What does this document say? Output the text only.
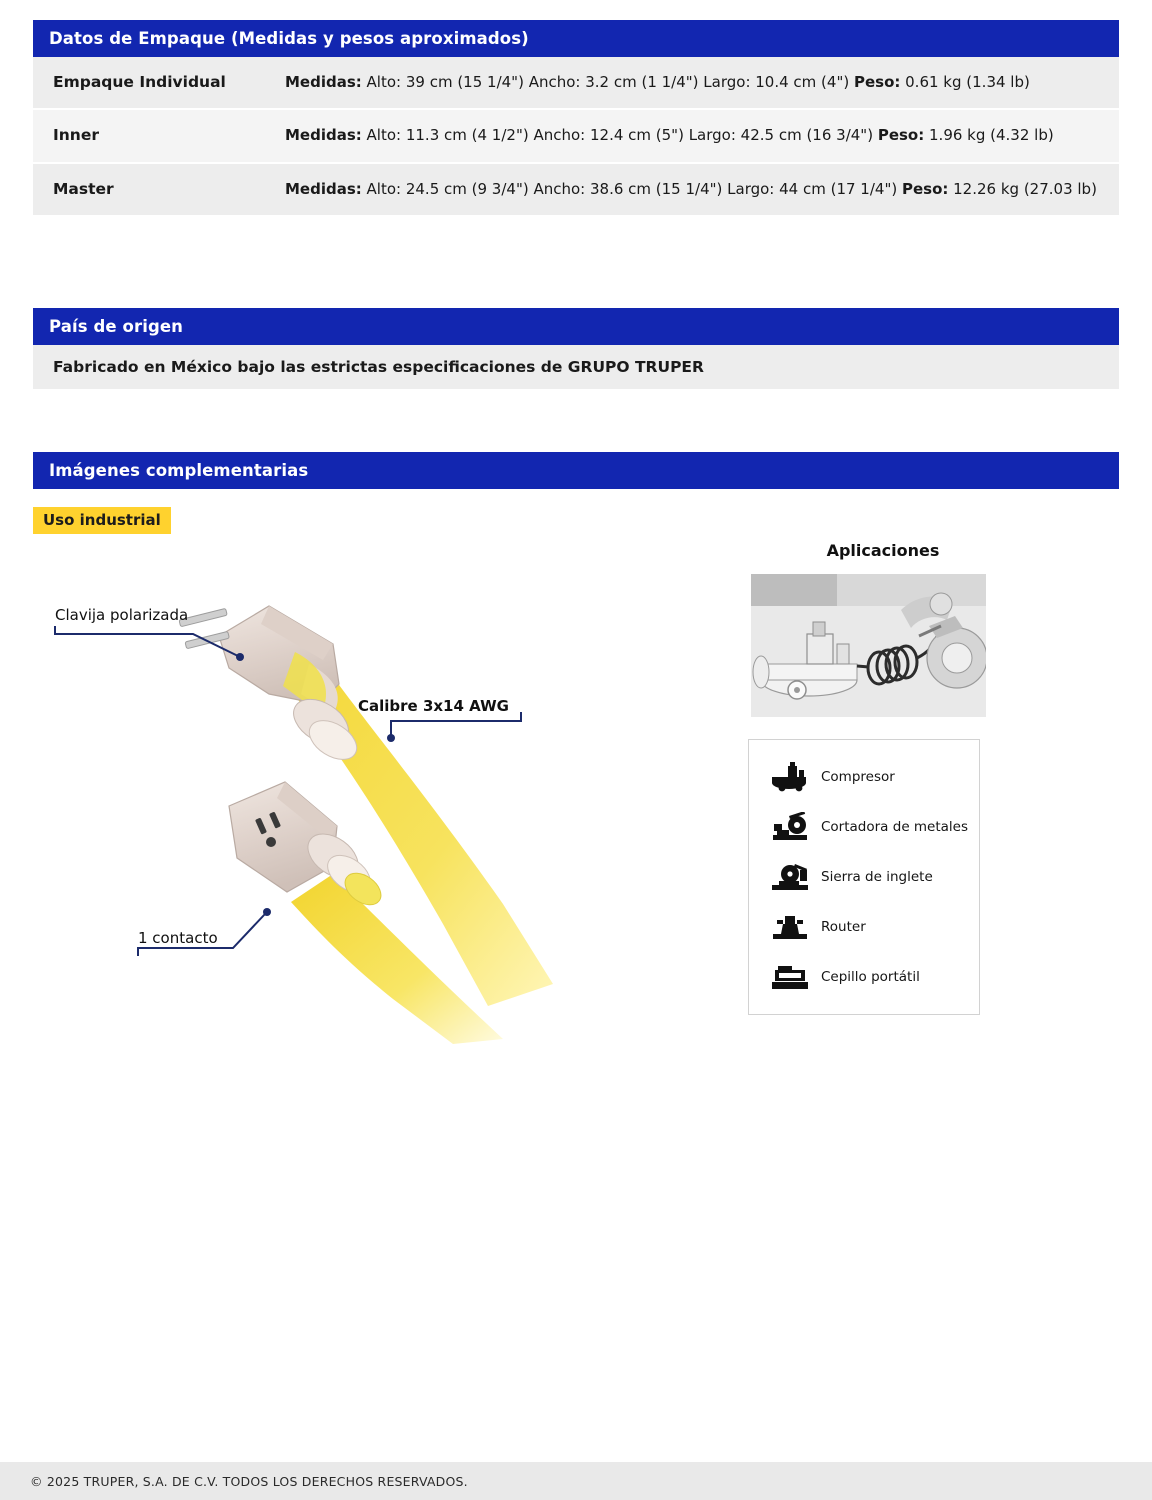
Datos de Empaque (Medidas y pesos aproximados)
Empaque Individual	Medidas: Alto: 39 cm (15 1/4") Ancho: 3.2 cm (1 1/4") Largo: 10.4 cm (4") Peso: 0.61 kg (1.34 lb)
Inner	Medidas: Alto: 11.3 cm (4 1/2") Ancho: 12.4 cm (5") Largo: 42.5 cm (16 3/4") Peso: 1.96 kg (4.32 lb)
Master	Medidas: Alto: 24.5 cm (9 3/4") Ancho: 38.6 cm (15 1/4") Largo: 44 cm (17 1/4") Peso: 12.26 kg (27.03 lb)
País de origen
Fabricado en México bajo las estrictas especificaciones de GRUPO TRUPER
Imágenes complementarias
Uso industrial
Clavija polarizada
Calibre 3x14 AWG
1 contacto
Aplicaciones
Compresor
Cortadora de metales
Sierra de inglete
Router
Cepillo portátil
© 2025 TRUPER, S.A. DE C.V. TODOS LOS DERECHOS RESERVADOS.
